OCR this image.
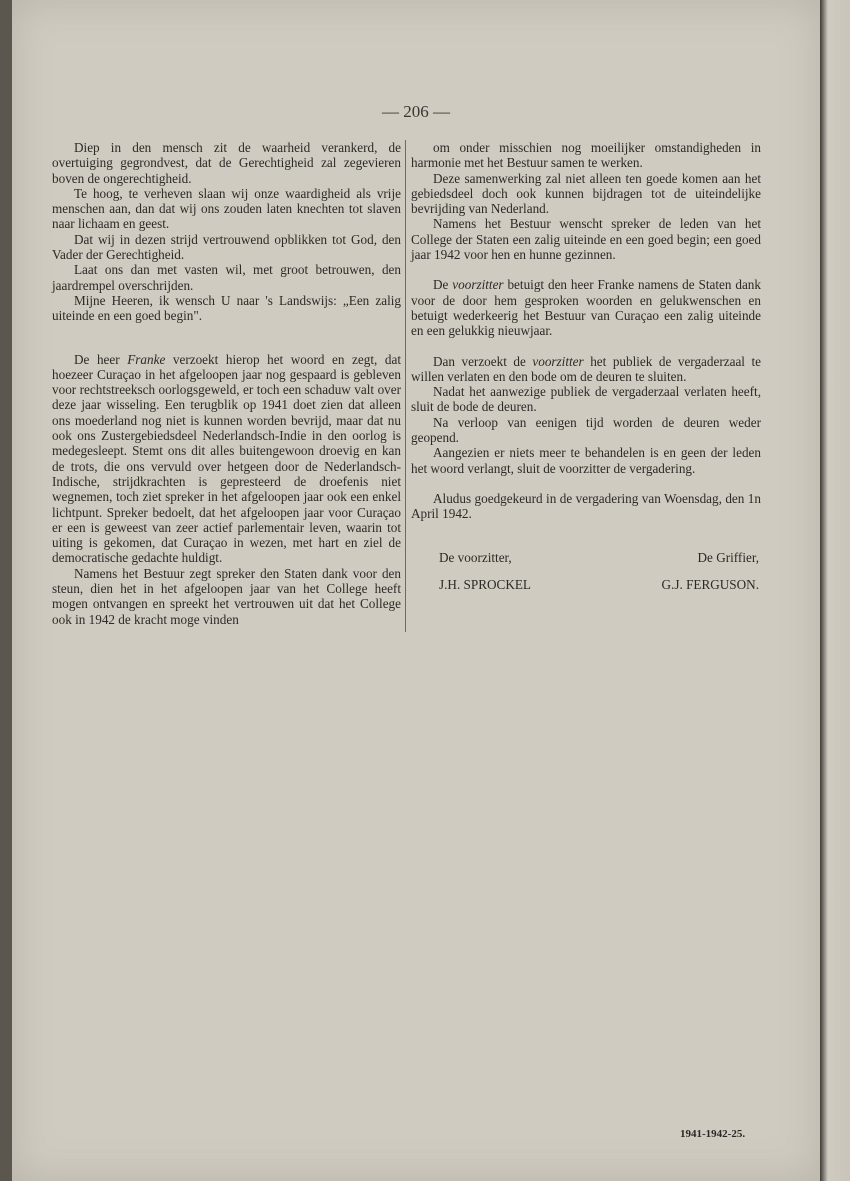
— 206 —

Diep in den mensch zit de waarheid verankerd, de overtuiging gegrondvest, dat de Gerechtigheid zal zegevieren boven de ongerechtigheid.

Te hoog, te verheven slaan wij onze waardigheid als vrije menschen aan, dan dat wij ons zouden laten knechten tot slaven naar lichaam en geest.

Dat wij in dezen strijd vertrouwend opblikken tot God, den Vader der Gerechtigheid.

Laat ons dan met vasten wil, met groot betrouwen, den jaardrempel overschrijden.

Mijne Heeren, ik wensch U naar 's Landswijs: „Een zalig uiteinde en een goed begin".

De heer Franke verzoekt hierop het woord en zegt, dat hoezeer Curaçao in het afgeloopen jaar nog gespaard is gebleven voor rechtstreeksch oorlogsgeweld, er toch een schaduw valt over deze jaar wisseling. Een terugblik op 1941 doet zien dat alleen ons moederland nog niet is kunnen worden bevrijd, maar dat nu ook ons Zustergebiedsdeel Nederlandsch-Indie in den oorlog is medegesleept. Stemt ons dit alles buitengewoon droevig en kan de trots, die ons vervuld over hetgeen door de Nederlandsch-Indische, strijdkrachten is gepresteerd de droefenis niet wegnemen, toch ziet spreker in het afgeloopen jaar ook een enkel lichtpunt. Spreker bedoelt, dat het afgeloopen jaar voor Curaçao er een is geweest van zeer actief parlementair leven, waarin tot uiting is gekomen, dat Curaçao in wezen, met hart en ziel de democratische gedachte huldigt.

Namens het Bestuur zegt spreker den Staten dank voor den steun, dien het in het afgeloopen jaar van het College heeft mogen ontvangen en spreekt het vertrouwen uit dat het College ook in 1942 de kracht moge vinden

om onder misschien nog moeilijker omstandigheden in harmonie met het Bestuur samen te werken.

Deze samenwerking zal niet alleen ten goede komen aan het gebiedsdeel doch ook kunnen bijdragen tot de uiteindelijke bevrijding van Nederland.

Namens het Bestuur wenscht spreker de leden van het College der Staten een zalig uiteinde en een goed begin; een goed jaar 1942 voor hen en hunne gezinnen.

De voorzitter betuigt den heer Franke namens de Staten dank voor de door hem gesproken woorden en gelukwenschen en betuigt wederkeerig het Bestuur van Curaçao een zalig uiteinde en een gelukkig nieuwjaar.

Dan verzoekt de voorzitter het publiek de vergaderzaal te willen verlaten en den bode om de deuren te sluiten.

Nadat het aanwezige publiek de vergaderzaal verlaten heeft, sluit de bode de deuren.

Na verloop van eenigen tijd worden de deuren weder geopend.

Aangezien er niets meer te behandelen is en geen der leden het woord verlangt, sluit de voorzitter de vergadering.

Aludus goedgekeurd in de vergadering van Woensdag, den 1n April 1942.

De voorzitter,	De Griffier,
J.H. SPROCKEL	G.J. FERGUSON.
1941-1942-25.
